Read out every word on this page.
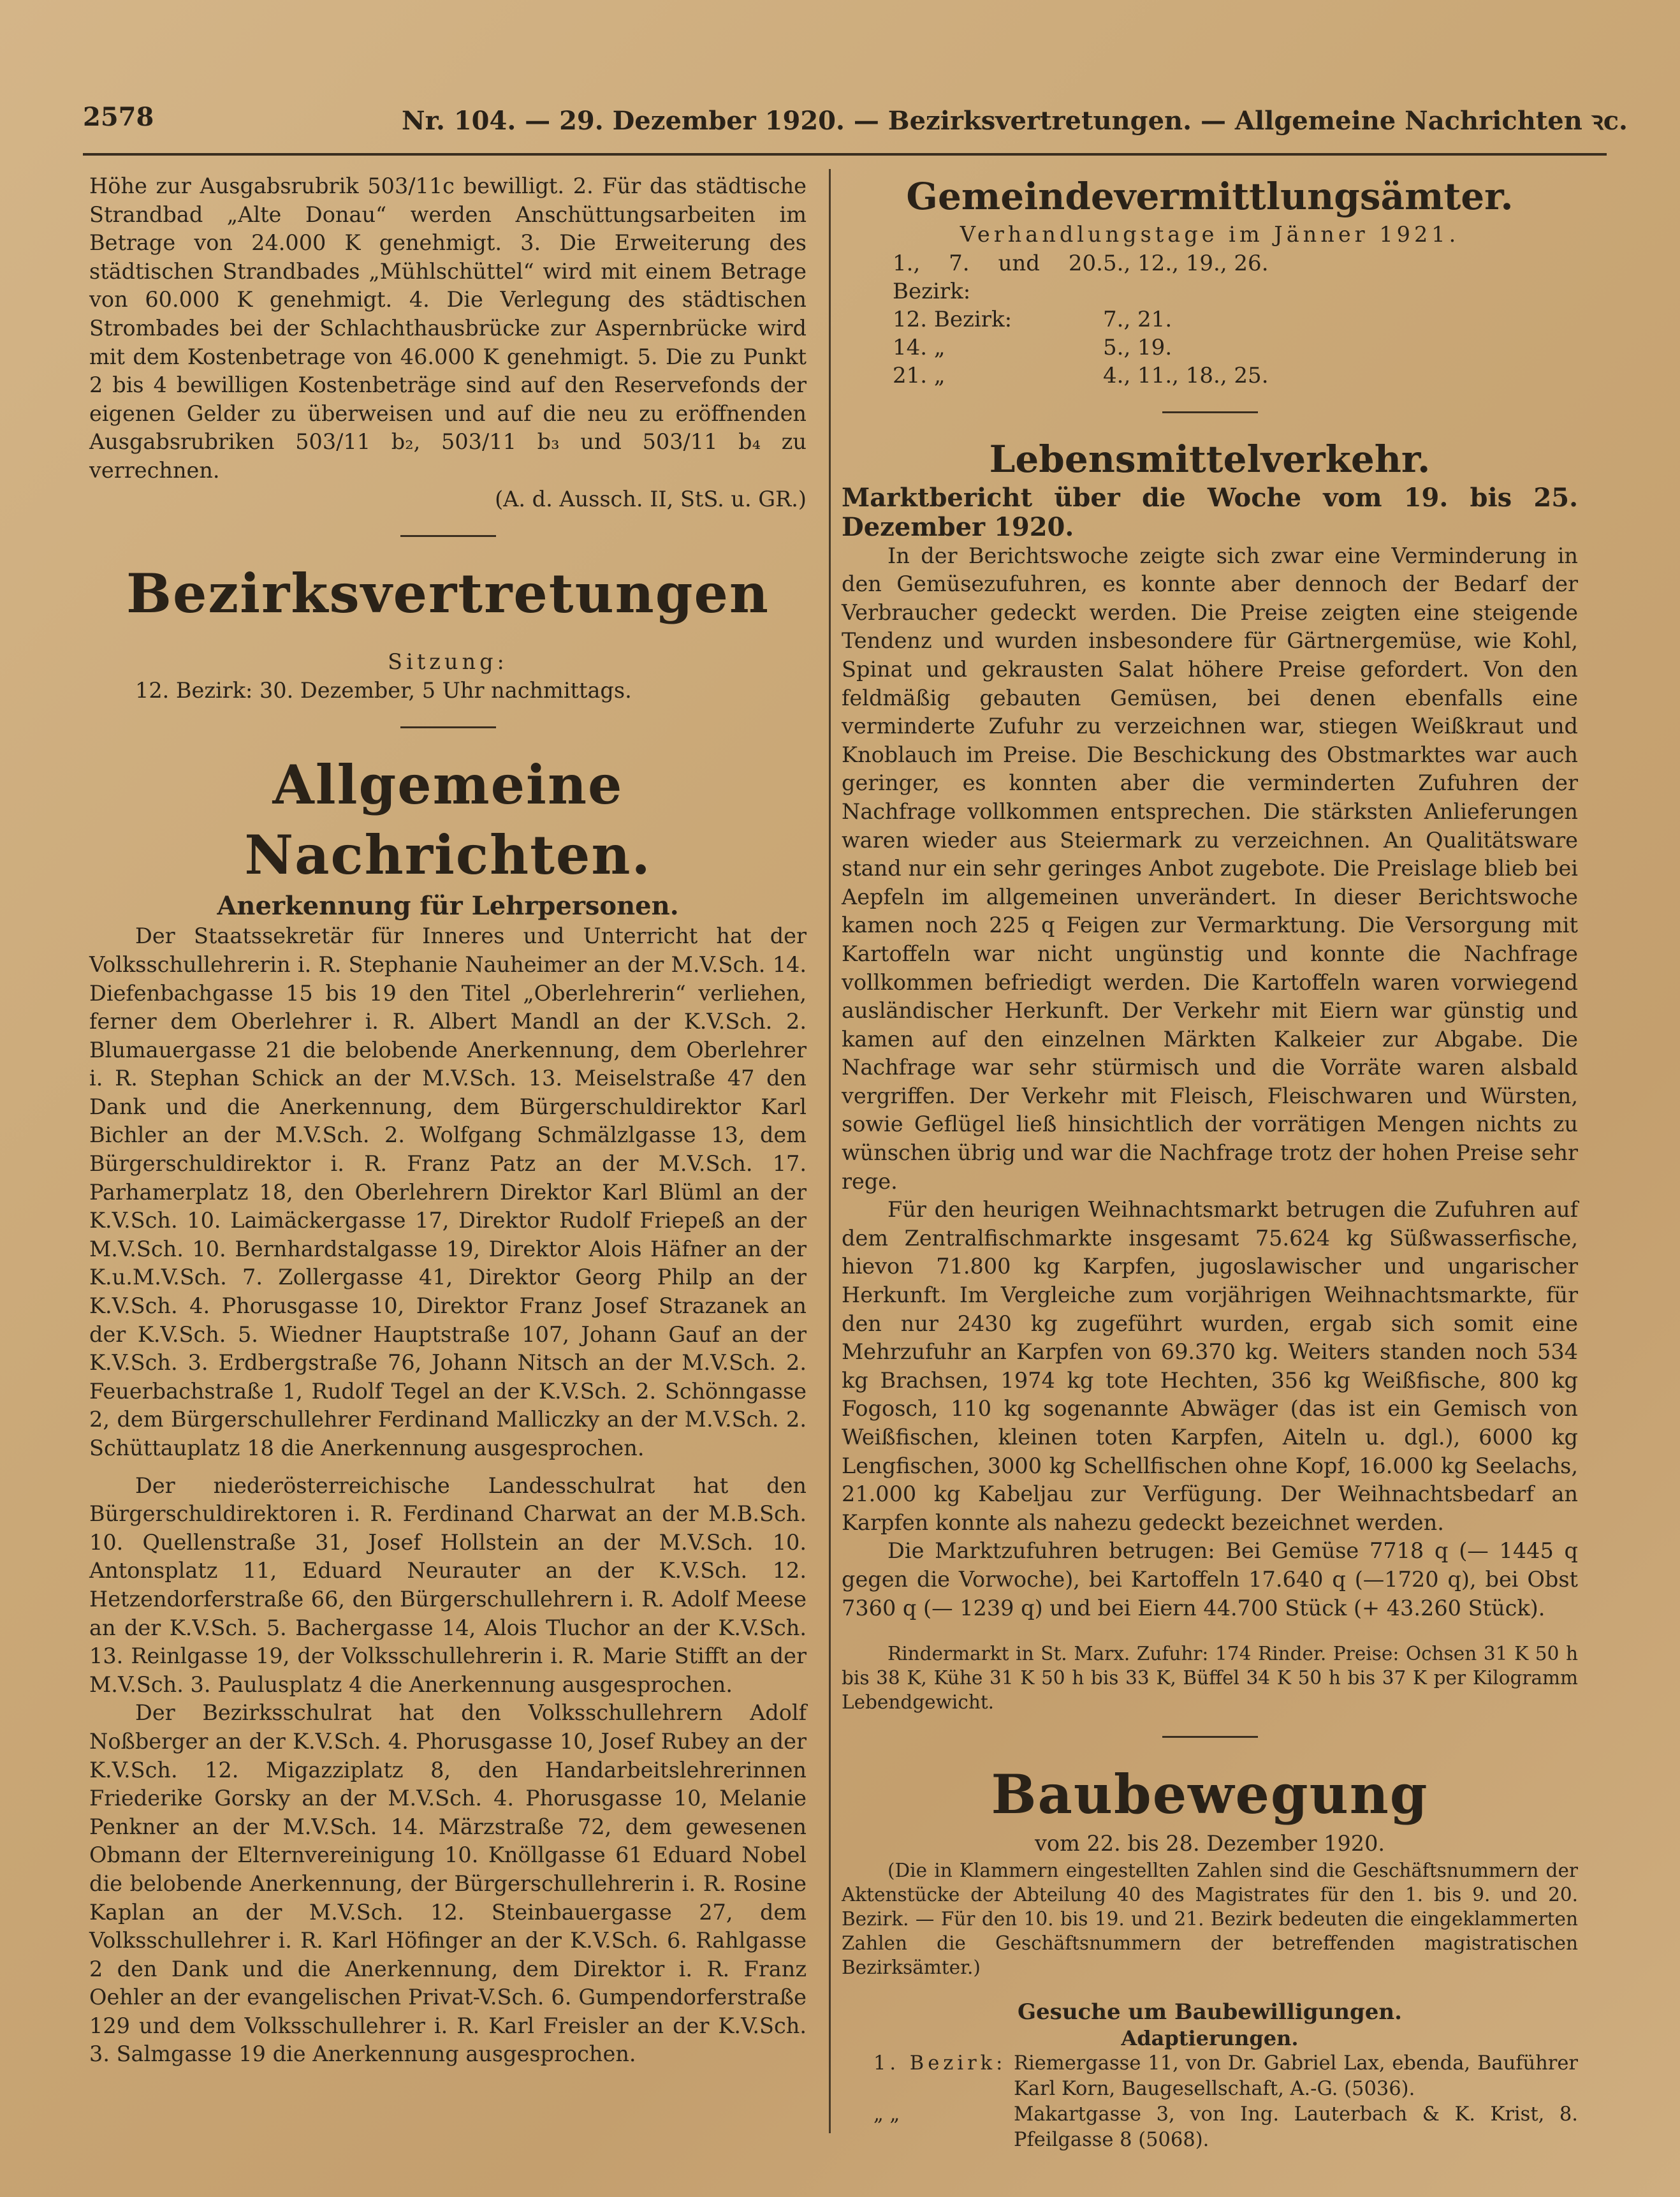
2578	Nr. 104. — 29. Dezember 1920. — Bezirksvertretungen. — Allgemeine Nachrichten ꝛc.

Höhe zur Ausgabsrubrik 503/11c bewilligt. 2. Für das städtische Strandbad „Alte Donau“ werden Anschüttungsarbeiten im Betrage von 24.000 K genehmigt. 3. Die Erweiterung des städtischen Strandbades „Mühlschüttel“ wird mit einem Betrage von 60.000 K genehmigt. 4. Die Verlegung des städtischen Strombades bei der Schlachthausbrücke zur Aspernbrücke wird mit dem Kostenbetrage von 46.000 K genehmigt. 5. Die zu Punkt 2 bis 4 bewilligen Kostenbeträge sind auf den Reservefonds der eigenen Gelder zu überweisen und auf die neu zu eröffnenden Ausgabsrubriken 503/11 b₂, 503/11 b₃ und 503/11 b₄ zu verrechnen.

(A. d. Aussch. II, StS. u. GR.)

Bezirksvertretungen

Sitzung:

12. Bezirk: 30. Dezember, 5 Uhr nachmittags.

Allgemeine Nachrichten.
Anerkennung für Lehrpersonen.

Der Staatssekretär für Inneres und Unterricht hat der Volksschullehrerin i. R. Stephanie Nauheimer an der M.V.Sch. 14. Diefenbachgasse 15 bis 19 den Titel „Oberlehrerin“ verliehen, ferner dem Oberlehrer i. R. Albert Mandl an der K.V.Sch. 2. Blumauergasse 21 die belobende Anerkennung, dem Oberlehrer i. R. Stephan Schick an der M.V.Sch. 13. Meiselstraße 47 den Dank und die Anerkennung, dem Bürgerschuldirektor Karl Bichler an der M.V.Sch. 2. Wolfgang Schmälzlgasse 13, dem Bürgerschuldirektor i. R. Franz Patz an der M.V.Sch. 17. Parhamerplatz 18, den Oberlehrern Direktor Karl Blüml an der K.V.Sch. 10. Laimäckergasse 17, Direktor Rudolf Friepeß an der M.V.Sch. 10. Bernhardstalgasse 19, Direktor Alois Häfner an der K.u.M.V.Sch. 7. Zollergasse 41, Direktor Georg Philp an der K.V.Sch. 4. Phorusgasse 10, Direktor Franz Josef Strazanek an der K.V.Sch. 5. Wiedner Hauptstraße 107, Johann Gauf an der K.V.Sch. 3. Erdbergstraße 76, Johann Nitsch an der M.V.Sch. 2. Feuerbachstraße 1, Rudolf Tegel an der K.V.Sch. 2. Schönngasse 2, dem Bürgerschullehrer Ferdinand Malliczky an der M.V.Sch. 2. Schüttauplatz 18 die Anerkennung ausgesprochen.

Der niederösterreichische Landesschulrat hat den Bürgerschuldirektoren i. R. Ferdinand Charwat an der M.B.Sch. 10. Quellenstraße 31, Josef Hollstein an der M.V.Sch. 10. Antonsplatz 11, Eduard Neurauter an der K.V.Sch. 12. Hetzendorferstraße 66, den Bürgerschullehrern i. R. Adolf Meese an der K.V.Sch. 5. Bachergasse 14, Alois Tluchor an der K.V.Sch. 13. Reinlgasse 19, der Volksschullehrerin i. R. Marie Stifft an der M.V.Sch. 3. Paulusplatz 4 die Anerkennung ausgesprochen.

Der Bezirksschulrat hat den Volksschullehrern Adolf Noßberger an der K.V.Sch. 4. Phorusgasse 10, Josef Rubey an der K.V.Sch. 12. Migazziplatz 8, den Handarbeitslehrerinnen Friederike Gorsky an der M.V.Sch. 4. Phorusgasse 10, Melanie Penkner an der M.V.Sch. 14. Märzstraße 72, dem gewesenen Obmann der Elternvereinigung 10. Knöllgasse 61 Eduard Nobel die belobende Anerkennung, der Bürgerschullehrerin i. R. Rosine Kaplan an der M.V.Sch. 12. Steinbauergasse 27, dem Volksschullehrer i. R. Karl Höfinger an der K.V.Sch. 6. Rahlgasse 2 den Dank und die Anerkennung, dem Direktor i. R. Franz Oehler an der evangelischen Privat-V.Sch. 6. Gumpendorferstraße 129 und dem Volksschullehrer i. R. Karl Freisler an der K.V.Sch. 3. Salmgasse 19 die Anerkennung ausgesprochen.

Gemeindevermittlungsämter.

Verhandlungstage im Jänner 1921.

1., 7. und 20. Bezirk:	5., 12., 19., 26.
12. Bezirk:	7., 21.
14. „	5., 19.
21. „	4., 11., 18., 25.
Lebensmittelverkehr.
Marktbericht über die Woche vom 19. bis 25. Dezember 1920.

In der Berichtswoche zeigte sich zwar eine Verminderung in den Gemüsezufuhren, es konnte aber dennoch der Bedarf der Verbraucher gedeckt werden. Die Preise zeigten eine steigende Tendenz und wurden insbesondere für Gärtnergemüse, wie Kohl, Spinat und gekrausten Salat höhere Preise gefordert. Von den feldmäßig gebauten Gemüsen, bei denen ebenfalls eine verminderte Zufuhr zu verzeichnen war, stiegen Weißkraut und Knoblauch im Preise. Die Beschickung des Obstmarktes war auch geringer, es konnten aber die verminderten Zufuhren der Nachfrage vollkommen entsprechen. Die stärksten Anlieferungen waren wieder aus Steiermark zu verzeichnen. An Qualitätsware stand nur ein sehr geringes Anbot zugebote. Die Preislage blieb bei Aepfeln im allgemeinen unverändert. In dieser Berichtswoche kamen noch 225 q Feigen zur Vermarktung. Die Versorgung mit Kartoffeln war nicht ungünstig und konnte die Nachfrage vollkommen befriedigt werden. Die Kartoffeln waren vorwiegend ausländischer Herkunft. Der Verkehr mit Eiern war günstig und kamen auf den einzelnen Märkten Kalkeier zur Abgabe. Die Nachfrage war sehr stürmisch und die Vorräte waren alsbald vergriffen. Der Verkehr mit Fleisch, Fleischwaren und Würsten, sowie Geflügel ließ hinsichtlich der vorrätigen Mengen nichts zu wünschen übrig und war die Nachfrage trotz der hohen Preise sehr rege.

Für den heurigen Weihnachtsmarkt betrugen die Zufuhren auf dem Zentralfischmarkte insgesamt 75.624 kg Süßwasserfische, hievon 71.800 kg Karpfen, jugoslawischer und ungarischer Herkunft. Im Vergleiche zum vorjährigen Weihnachtsmarkte, für den nur 2430 kg zugeführt wurden, ergab sich somit eine Mehrzufuhr an Karpfen von 69.370 kg. Weiters standen noch 534 kg Brachsen, 1974 kg tote Hechten, 356 kg Weißfische, 800 kg Fogosch, 110 kg sogenannte Abwäger (das ist ein Gemisch von Weißfischen, kleinen toten Karpfen, Aiteln u. dgl.), 6000 kg Lengfischen, 3000 kg Schellfischen ohne Kopf, 16.000 kg Seelachs, 21.000 kg Kabeljau zur Verfügung. Der Weihnachtsbedarf an Karpfen konnte als nahezu gedeckt bezeichnet werden.

Die Marktzufuhren betrugen: Bei Gemüse 7718 q (— 1445 q gegen die Vorwoche), bei Kartoffeln 17.640 q (—1720 q), bei Obst 7360 q (— 1239 q) und bei Eiern 44.700 Stück (+ 43.260 Stück).

Rindermarkt in St. Marx. Zufuhr: 174 Rinder. Preise: Ochsen 31 K 50 h bis 38 K, Kühe 31 K 50 h bis 33 K, Büffel 34 K 50 h bis 37 K per Kilogramm Lebendgewicht.

Baubewegung

vom 22. bis 28. Dezember 1920.

(Die in Klammern eingestellten Zahlen sind die Geschäftsnummern der Aktenstücke der Abteilung 40 des Magistrates für den 1. bis 9. und 20. Bezirk. — Für den 10. bis 19. und 21. Bezirk bedeuten die eingeklammerten Zahlen die Geschäftsnummern der betreffenden magistratischen Bezirksämter.)

Gesuche um Baubewilligungen.
Adaptierungen.
1. Bezirk: Riemergasse 11, von Dr. Gabriel Lax, ebenda, Bauführer Karl Korn, Baugesellschaft, A.-G. (5036).
„ „	Makartgasse 3, von Ing. Lauterbach & K. Krist, 8. Pfeilgasse 8 (5068).
